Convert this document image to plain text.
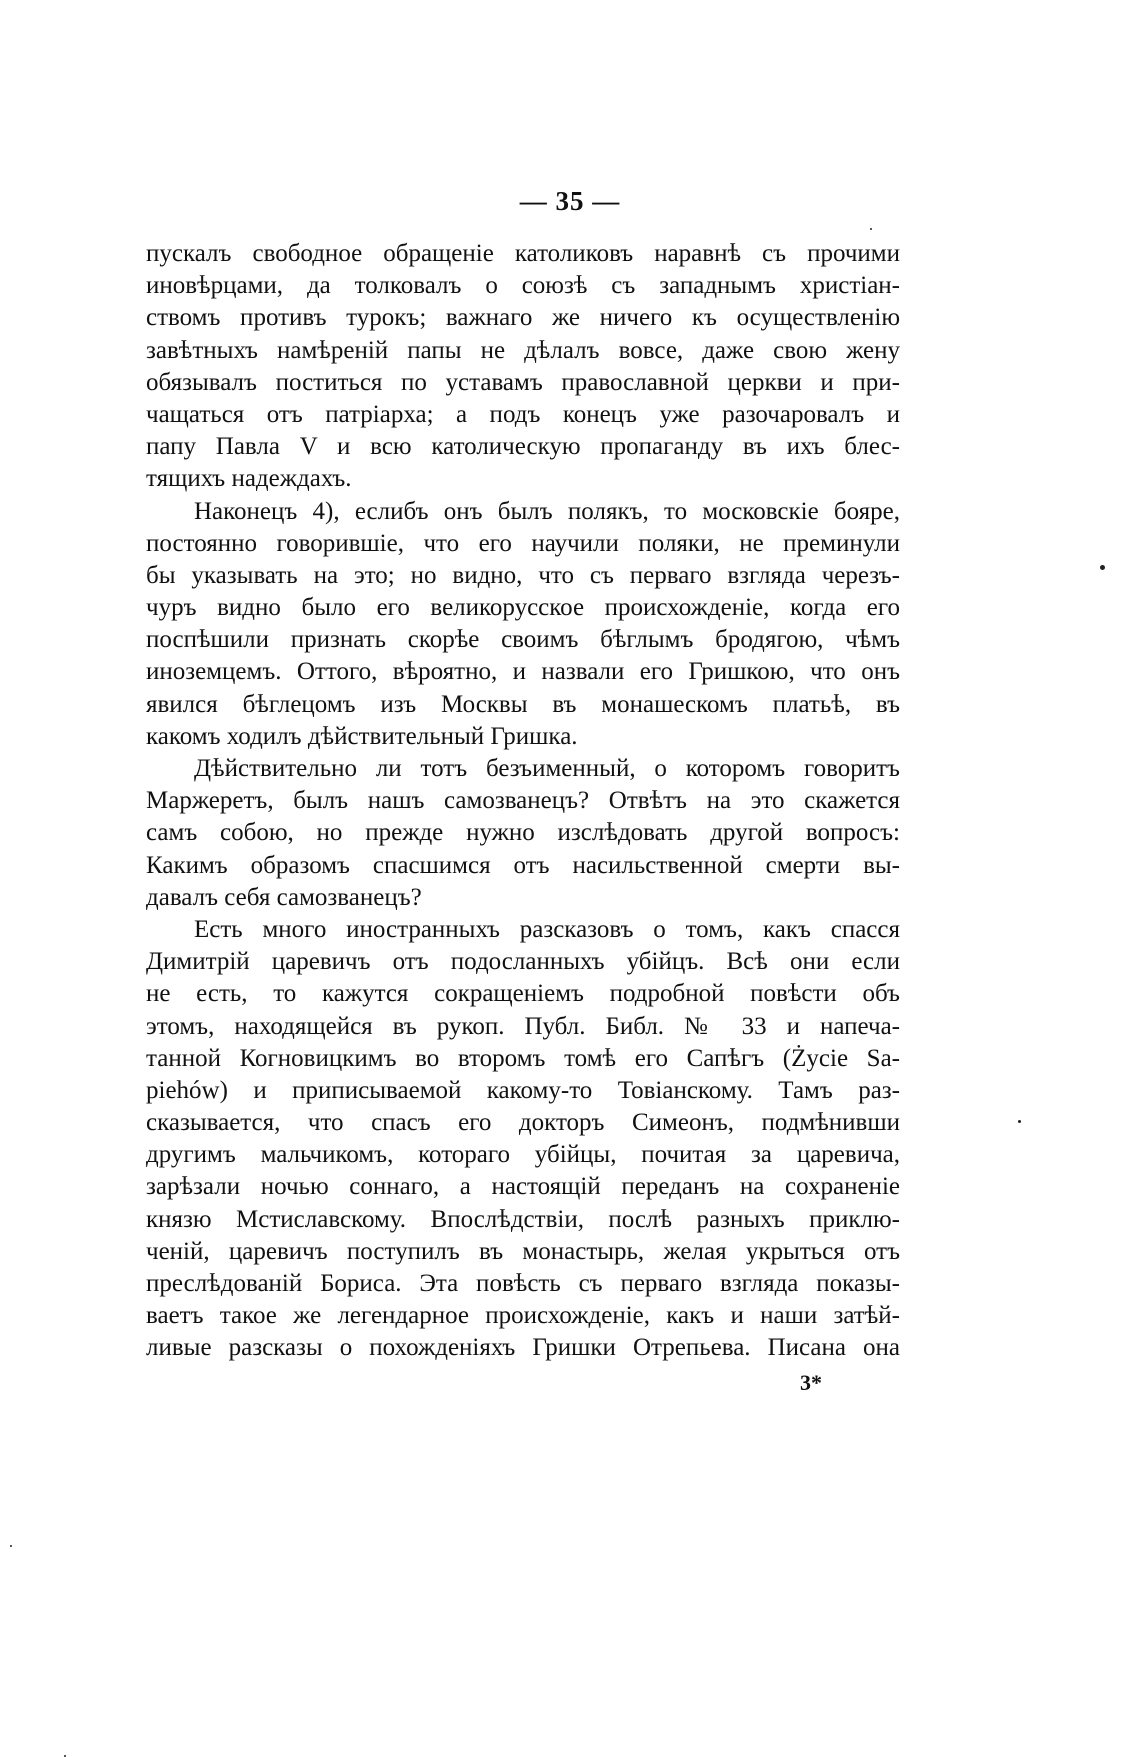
— 35 —
пускалъ свободное обращеніе католиковъ наравнѣ съ прочими
иновѣрцами, да толковалъ о союзѣ съ западнымъ христіан-
ствомъ противъ турокъ; важнаго же ничего къ осуществленію
завѣтныхъ намѣреній папы не дѣлалъ вовсе, даже свою жену
обязывалъ поститься по уставамъ православной церкви и при-
чащаться отъ патріарха; а подъ конецъ уже разочаровалъ и
папу Павла V и всю католическую пропаганду въ ихъ блес-
тящихъ надеждахъ.
Наконецъ 4), еслибъ онъ былъ полякъ, то московскіе бояре,
постоянно говорившіе, что его научили поляки, не преминули
бы указывать на это; но видно, что съ перваго взгляда черезъ-
чуръ видно было его великорусское происхожденіе, когда его
поспѣшили признать скорѣе своимъ бѣглымъ бродягою, чѣмъ
иноземцемъ. Оттого, вѣроятно, и назвали его Гришкою, что онъ
явился бѣглецомъ изъ Москвы въ монашескомъ платьѣ, въ
какомъ ходилъ дѣйствительный Гришка.
Дѣйствительно ли тотъ безъименный, о которомъ говоритъ
Маржеретъ, былъ нашъ самозванецъ? Отвѣтъ на это скажется
самъ собою, но прежде нужно изслѣдовать другой вопросъ:
Какимъ образомъ спасшимся отъ насильственной смерти вы-
давалъ себя самозванецъ?
Есть много иностранныхъ разсказовъ о томъ, какъ спасся
Димитрій царевичъ отъ подосланныхъ убійцъ. Всѣ они если
не есть, то кажутся сокращеніемъ подробной повѣсти объ
этомъ, находящейся въ рукоп. Публ. Библ. № 33 и напеча-
танной Когновицкимъ во второмъ томѣ его Сапѣгъ (Życie Sa-
piehów) и приписываемой какому-то Товіанскому. Тамъ раз-
сказывается, что спасъ его докторъ Симеонъ, подмѣнивши
другимъ мальчикомъ, котораго убійцы, почитая за царевича,
зарѣзали ночью соннаго, а настоящій переданъ на сохраненіе
князю Мстиславскому. Впослѣдствіи, послѣ разныхъ приклю-
ченій, царевичъ поступилъ въ монастырь, желая укрыться отъ
преслѣдованій Бориса. Эта повѣсть съ перваго взгляда показы-
ваетъ такое же легендарное происхожденіе, какъ и наши затѣй-
ливые разсказы о похожденіяхъ Гришки Отрепьева. Писана она
3*
